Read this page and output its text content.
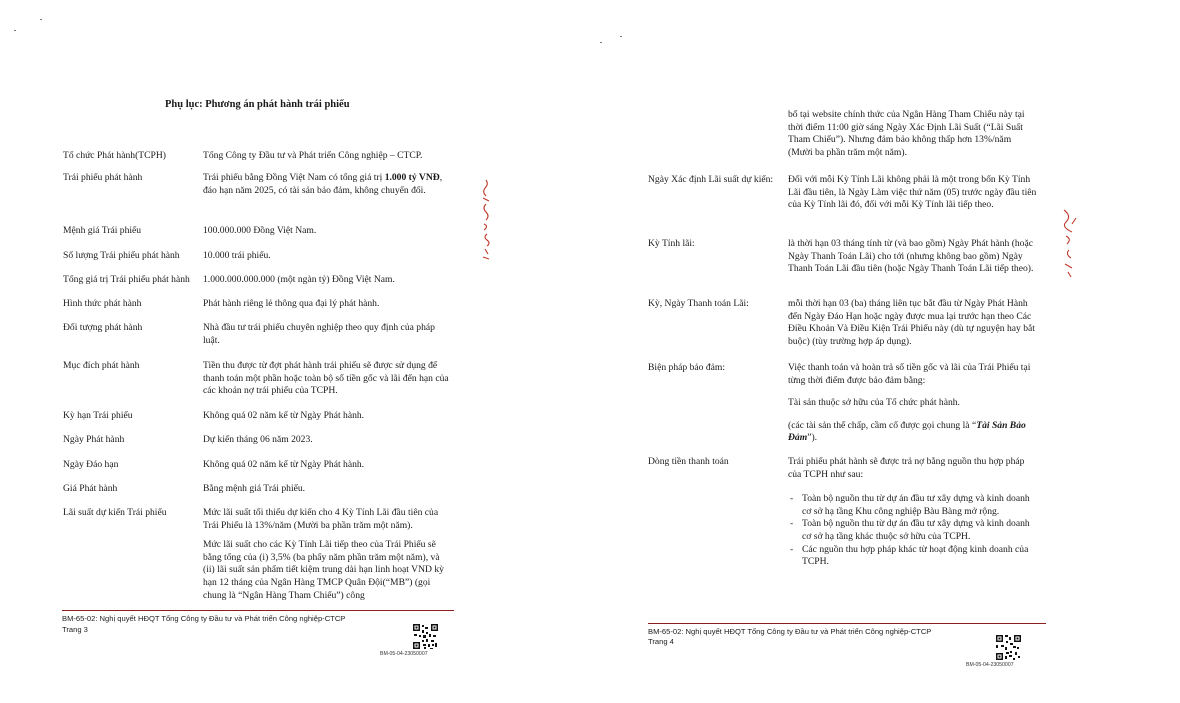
Phụ lục: Phương án phát hành trái phiếu
Tổ chức Phát hành(TCPH)	Tổng Công ty Đầu tư và Phát triển Công nghiệp – CTCP.
Trái phiếu phát hành	Trái phiếu bằng Đồng Việt Nam có tổng giá trị 1.000 tỷ VNĐ, đáo hạn năm 2025, có tài sản bảo đảm, không chuyển đổi.
Mệnh giá Trái phiếu	100.000.000 Đồng Việt Nam.
Số lượng Trái phiếu phát hành 10.000 trái phiếu.
Tổng giá trị Trái phiếu phát hành 1.000.000.000.000 (một ngàn tỷ) Đồng Việt Nam.
Hình thức phát hành	Phát hành riêng lẻ thông qua đại lý phát hành.
Đối tượng phát hành	Nhà đầu tư trái phiếu chuyên nghiệp theo quy định của pháp luật.
Mục đích phát hành	Tiền thu được từ đợt phát hành trái phiếu sẽ được sử dụng để thanh toán một phần hoặc toàn bộ số tiền gốc và lãi đến hạn của các khoản nợ trái phiếu của TCPH.
Kỳ hạn Trái phiếu	Không quá 02 năm kể từ Ngày Phát hành.
Ngày Phát hành	Dự kiến tháng 06 năm 2023.
Ngày Đáo hạn	Không quá 02 năm kể từ Ngày Phát hành.
Giá Phát hành	Bằng mệnh giá Trái phiếu.
Lãi suất dự kiến Trái phiếu	Mức lãi suất tối thiểu dự kiến cho 4 Kỳ Tính Lãi đầu tiên của Trái Phiếu là 13%/năm (Mười ba phần trăm một năm).

Mức lãi suất cho các Kỳ Tính Lãi tiếp theo của Trái Phiếu sẽ bằng tổng của (i) 3,5% (ba phẩy năm phần trăm một năm), và (ii) lãi suất sản phẩm tiết kiệm trung dài hạn linh hoạt VND kỳ hạn 12 tháng của Ngân Hàng TMCP Quân Đội(“MB”) (gọi chung là “Ngân Hàng Tham Chiếu”) công

BM-65-02: Nghị quyết HĐQT Tổng Công ty Đầu tư và Phát triển Công nghiệp-CTCP
Trang 3
BM-05-04-23050007
bố tại website chính thức của Ngân Hàng Tham Chiếu này tại thời điểm 11:00 giờ sáng Ngày Xác Định Lãi Suất (“Lãi Suất Tham Chiếu”). Nhưng đảm bảo không thấp hơn 13%/năm (Mười ba phần trăm một năm).
Ngày Xác định Lãi suất dự kiến: Đối với mỗi Kỳ Tính Lãi không phải là một trong bốn Kỳ Tính Lãi đầu tiên, là Ngày Làm việc thứ năm (05) trước ngày đầu tiên của Kỳ Tính lãi đó, đối với mỗi Kỳ Tính lãi tiếp theo.
Kỳ Tính lãi:	là thời hạn 03 tháng tính từ (và bao gồm) Ngày Phát hành (hoặc Ngày Thanh Toán Lãi) cho tới (nhưng không bao gồm) Ngày Thanh Toán Lãi đầu tiên (hoặc Ngày Thanh Toán Lãi tiếp theo).
Kỳ, Ngày Thanh toán Lãi:	mỗi thời hạn 03 (ba) tháng liên tục bắt đầu từ Ngày Phát Hành đến Ngày Đáo Hạn hoặc ngày được mua lại trước hạn theo Các Điều Khoản Và Điều Kiện Trái Phiếu này (dù tự nguyện hay bắt buộc) (tùy trường hợp áp dụng).
Biện pháp bảo đảm:	Việc thanh toán và hoàn trả số tiền gốc và lãi của Trái Phiếu tại từng thời điểm được bảo đảm bằng:

Tài sản thuộc sở hữu của Tổ chức phát hành.

(các tài sản thế chấp, cầm cố được gọi chung là “Tài Sản Bảo Đảm”).

Dòng tiền thanh toán	Trái phiếu phát hành sẽ được trả nợ bằng nguồn thu hợp pháp của TCPH như sau:

- Toàn bộ nguồn thu từ dự án đầu tư xây dựng và kinh doanh cơ sở hạ tầng Khu công nghiệp Bàu Bàng mở rộng.
- Toàn bộ nguồn thu từ dự án đầu tư xây dựng và kinh doanh cơ sở hạ tầng khác thuộc sở hữu của TCPH.
- Các nguồn thu hợp pháp khác từ hoạt động kinh doanh của TCPH.
BM-65-02: Nghị quyết HĐQT Tổng Công ty Đầu tư và Phát triển Công nghiệp-CTCP
Trang 4
BM-05-04-23050007
